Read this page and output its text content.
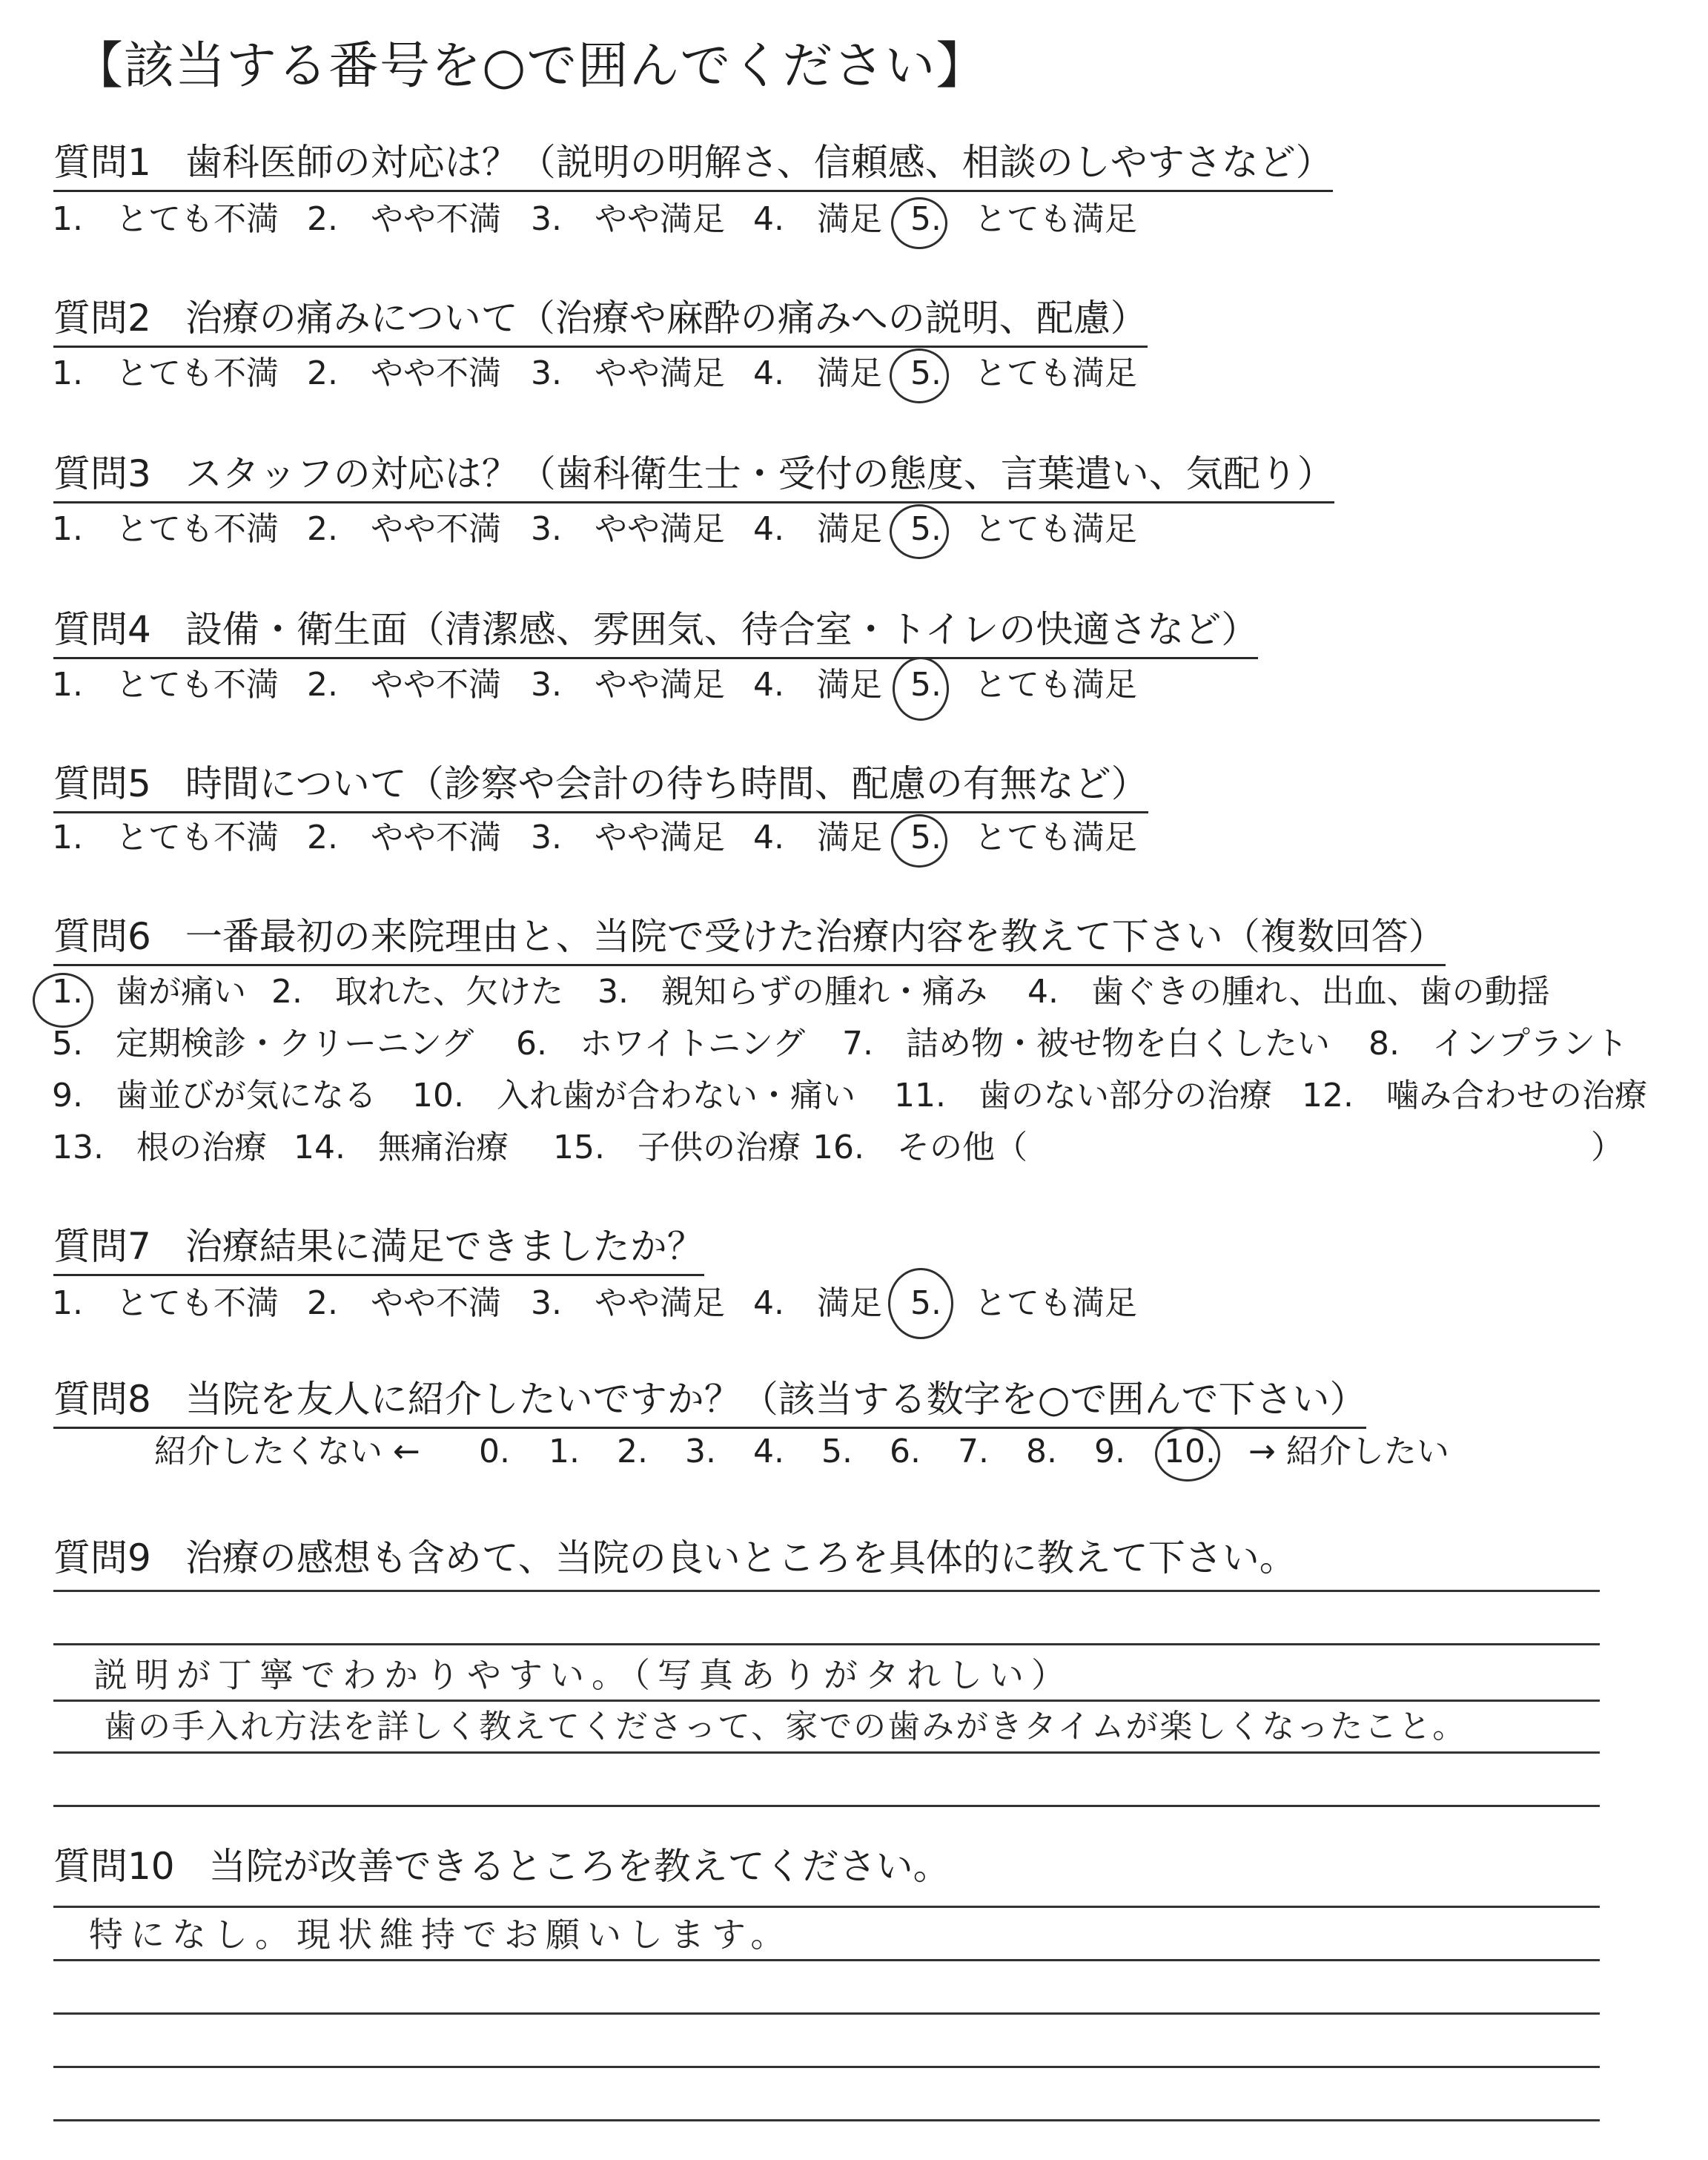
【該当する番号を○で囲んでください】
質問1 歯科医師の対応は？（説明の明解さ、信頼感、相談のしやすさなど）
1.　 とても不満 2.　 やや不満 3.　 やや満足 4.　 満足 5.　 とても満足
質問2 治療の痛みについて（治療や麻酔の痛みへの説明、配慮）
1.　 とても不満 2.　 やや不満 3.　 やや満足 4.　 満足 5.　 とても満足
質問3 スタッフの対応は？（歯科衛生士・受付の態度、言葉遣い、気配り）
1.　 とても不満 2.　 やや不満 3.　 やや満足 4.　 満足 5.　 とても満足
質問4 設備・衛生面（清潔感、雰囲気、待合室・トイレの快適さなど）
1.　 とても不満 2.　 やや不満 3.　 やや満足 4.　 満足 5.　 とても満足
質問5 時間について（診察や会計の待ち時間、配慮の有無など）
1.　 とても不満 2.　 やや不満 3.　 やや満足 4.　 満足 5.　 とても満足
質問6 一番最初の来院理由と、当院で受けた治療内容を教えて下さい（複数回答）
1.　 歯が痛い 2.　 取れた、欠けた 3.　 親知らずの腫れ・痛み 4.　 歯ぐきの腫れ、出血、歯の動揺
5.　 定期検診・クリーニング 6.　 ホワイトニング 7.　 詰め物・被せ物を白くしたい 8.　 インプラント
9.　 歯並びが気になる 10.　 入れ歯が合わない・痛い 11.　 歯のない部分の治療 12.　 噛み合わせの治療
13.　 根の治療 14.　 無痛治療 15.　 子供の治療 16.　 その他（	）
質問7 治療結果に満足できましたか？
1.　 とても不満 2.　 やや不満 3.　 やや満足 4.　 満足 5.　 とても満足
質問8 当院を友人に紹介したいですか？（該当する数字を○で囲んで下さい）
紹介したくない ← 0. 1. 2. 3. 4. 5. 6. 7. 8. 9. 10. → 紹介したい
質問9 治療の感想も含めて、当院の良いところを具体的に教えて下さい。
説明が丁寧でわかりやすい。（写真ありがタれしい）
歯の手入れ方法を詳しく教えてくださって、家での歯みがきタイムが楽しくなったこと。
質問10 当院が改善できるところを教えてください。
特になし。現状維持でお願いします。
